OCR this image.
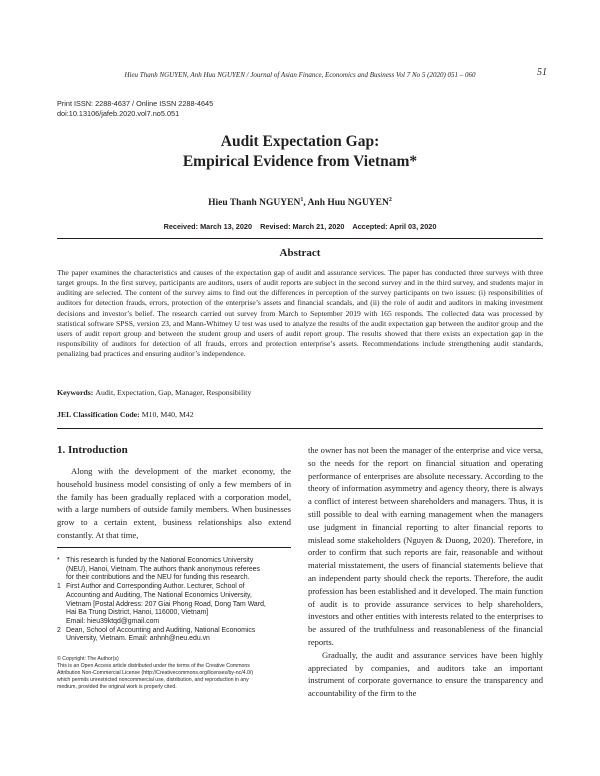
Hieu Thanh NGUYEN, Anh Huu NGUYEN / Journal of Asian Finance, Economics and Business Vol 7 No 5 (2020) 051 – 060	51
Print ISSN: 2288-4637 / Online ISSN 2288-4645
doi:10.13106/jafeb.2020.vol7.no5.051
Audit Expectation Gap:
Empirical Evidence from Vietnam*
Hieu Thanh NGUYEN$^1$, Anh Huu NGUYEN$^2$
Received: March 13, 2020    Revised: March 21, 2020    Accepted: April 03, 2020
Abstract
The paper examines the characteristics and causes of the expectation gap of audit and assurance services. The paper has conducted three surveys with three target groups. In the first survey, participants are auditors, users of audit reports are subject in the second survey and in the third survey, and students major in auditing are selected. The content of the survey aims to find out the differences in perception of the survey participants on two issues: (i) responsibilities of auditors for detection frauds, errors, protection of the enterprise’s assets and financial scandals, and (ii) the role of audit and auditors in making investment decisions and investor’s belief. The research carried out survey from March to September 2019 with 165 responds. The collected data was processed by statistical software SPSS, version 23, and Mann-Whitney U test was used to analyze the results of the audit expectation gap between the auditor group and the users of audit report group and between the student group and users of audit report group. The results showed that there exists an expectation gap in the responsibility of auditors for detection of all frauds, errors and protection enterprise’s assets. Recommendations include strengthening audit standards, penalizing bad practices and ensuring auditor’s independence.
Keywords: Audit, Expectation, Gap, Manager, Responsibility
JEL Classification Code: M10, M40, M42
1. Introduction

Along with the development of the market economy, the household business model consisting of only a few members of in the family has been gradually replaced with a corporation model, with a large numbers of outside family members. When businesses grow to a certain extent, business relationships also extend constantly. At that time,

* This research is funded by the National Economics University
(NEU), Hanoi, Vietnam. The authors thank anonymous referees
for their contributions and the NEU for funding this research.
1 First Author and Corresponding Author. Lecturer, School of
Accounting and Auditing, The National Economics University,
Vietnam [Postal Address: 207 Giai Phong Road, Dong Tam Ward,
Hai Ba Trung District, Hanoi, 116000, Vietnam]
Email: hieu39ktqd@gmail.com
2 Dean, School of Accounting and Auditing, National Economics
University, Vietnam. Email: anhnh@neu.edu.vn
© Copyright: The Author(s)
This is an Open Access article distributed under the terms of the Creative Commons
Attribution Non-Commercial License (http://Creativecommons.org/licenses/by-nc/4.0/)
which permits unrestricted noncommercial use, distribution, and reproduction in any
medium, provided the original work is properly cited.

the owner has not been the manager of the enterprise and vice versa, so the needs for the report on financial situation and operating performance of enterprises are absolute necessary. According to the theory of information asymmetry and agency theory, there is always a conflict of interest between shareholders and managers. Thus, it is still possible to deal with earning management when the managers use judgment in financial reporting to alter financial reports to mislead some stakeholders (Nguyen & Duong, 2020). Therefore, in order to confirm that such reports are fair, reasonable and without material misstatement, the users of financial statements believe that an independent party should check the reports. Therefore, the audit profession has been established and it developed. The main function of audit is to provide assurance services to help shareholders, investors and other entities with interests related to the enterprises to be assured of the truthfulness and reasonableness of the financial reports.

Gradually, the audit and assurance services have been highly appreciated by companies, and auditors take an important instrument of corporate governance to ensure the transparency and accountability of the firm to the
